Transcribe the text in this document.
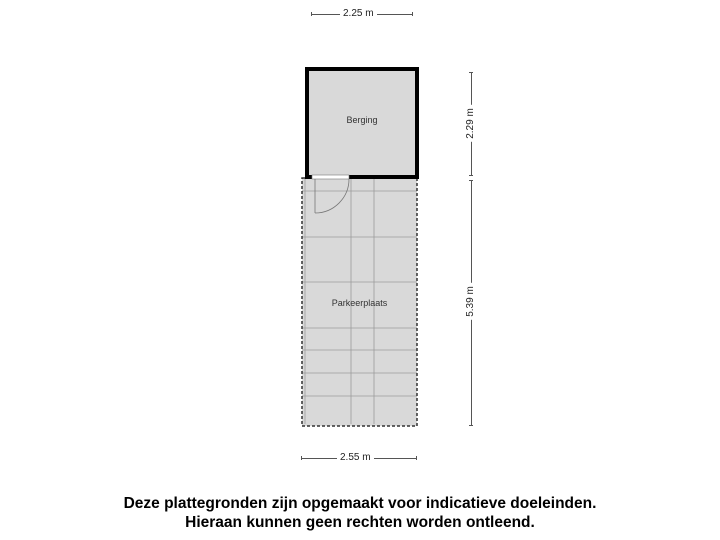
2.25 m
Berging
Parkeerplaats
2.29 m
5.39 m
2.55 m
Deze plattegronden zijn opgemaakt voor indicatieve doeleinden.
Hieraan kunnen geen rechten worden ontleend.
